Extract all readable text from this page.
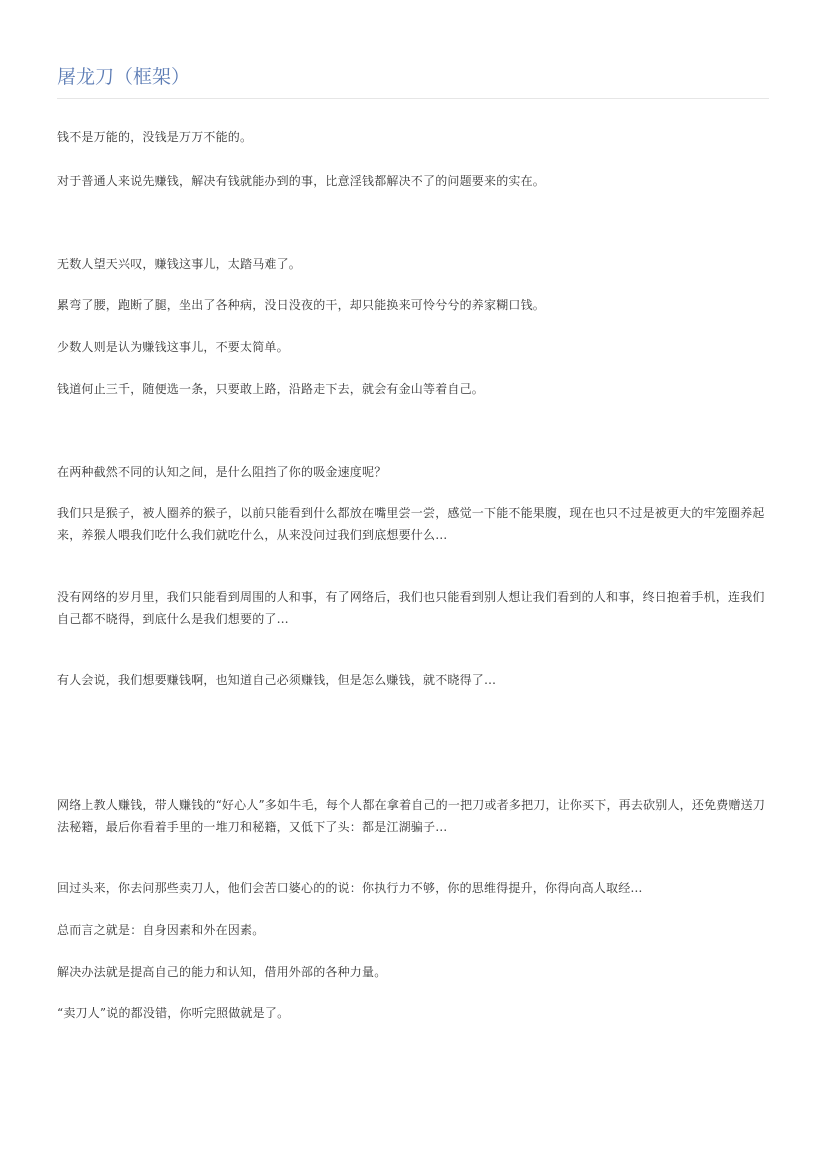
屠龙刀（框架）
钱不是万能的，没钱是万万不能的。
对于普通人来说先赚钱，解决有钱就能办到的事，比意淫钱都解决不了的问题要来的实在。
无数人望天兴叹，赚钱这事儿，太踏马难了。
累弯了腰，跑断了腿，坐出了各种病，没日没夜的干，却只能换来可怜兮兮的养家糊口钱。
少数人则是认为赚钱这事儿，不要太简单。
钱道何止三千，随便选一条，只要敢上路，沿路走下去，就会有金山等着自己。
在两种截然不同的认知之间，是什么阻挡了你的吸金速度呢？
我们只是猴子，被人圈养的猴子，以前只能看到什么都放在嘴里尝一尝，感觉一下能不能果腹，现在也只不过是被更大的牢笼圈养起来，养猴人喂我们吃什么我们就吃什么，从来没问过我们到底想要什么…
没有网络的岁月里，我们只能看到周围的人和事，有了网络后，我们也只能看到别人想让我们看到的人和事，终日抱着手机，连我们自己都不晓得，到底什么是我们想要的了…
有人会说，我们想要赚钱啊，也知道自己必须赚钱，但是怎么赚钱，就不晓得了…
网络上教人赚钱，带人赚钱的“好心人”多如牛毛，每个人都在拿着自己的一把刀或者多把刀，让你买下，再去砍别人，还免费赠送刀法秘籍，最后你看着手里的一堆刀和秘籍，又低下了头：都是江湖骗子…
回过头来，你去问那些卖刀人，他们会苦口婆心的的说：你执行力不够，你的思维得提升，你得向高人取经…
总而言之就是：自身因素和外在因素。
解决办法就是提高自己的能力和认知，借用外部的各种力量。
“卖刀人”说的都没错，你听完照做就是了。
